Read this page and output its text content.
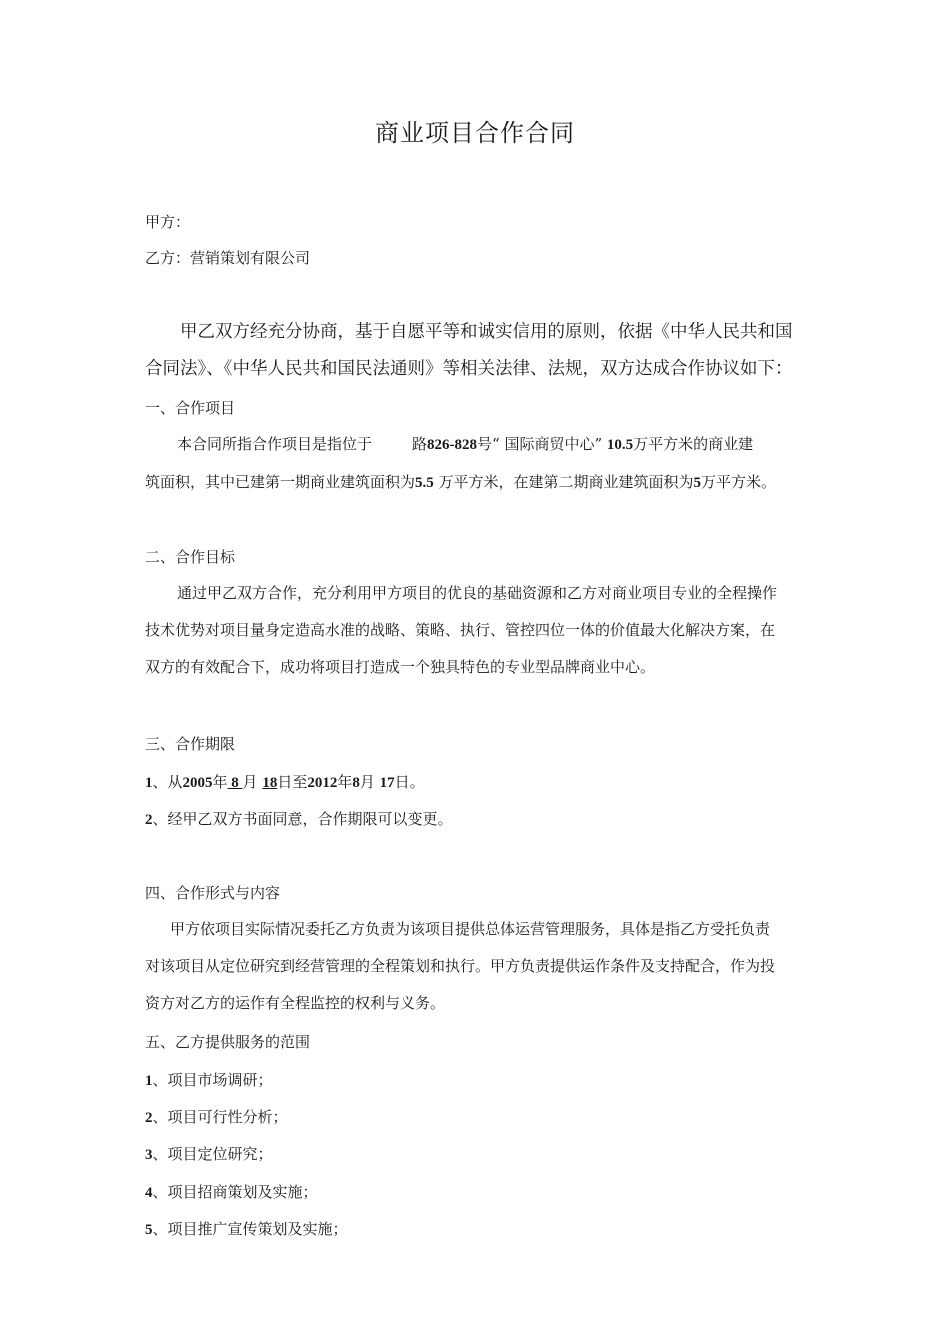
商业项目合作合同
甲方：
乙方：营销策划有限公司
甲乙双方经充分协商，基于自愿平等和诚实信用的原则，依据《中华人民共和国
合同法》、《中华人民共和国民法通则》等相关法律、法规，双方达成合作协议如下：
一、合作项目
本合同所指合作项目是指位于	路826-828号“ 国际商贸中心” 10.5万平方米的商业建
筑面积，其中已建第一期商业建筑面积为5.5 万平方米，在建第二期商业建筑面积为5万平方米。
二、合作目标
通过甲乙双方合作，充分利用甲方项目的优良的基础资源和乙方对商业项目专业的全程操作
技术优势对项目量身定造高水准的战略、策略、执行、管控四位一体的价值最大化解决方案，在
双方的有效配合下，成功将项目打造成一个独具特色的专业型品牌商业中心。
三、合作期限
1、从2005年 8 月 18日至2012年8月 17日。
2、经甲乙双方书面同意，合作期限可以变更。
四、合作形式与内容
甲方依项目实际情况委托乙方负责为该项目提供总体运营管理服务，具体是指乙方受托负责
对该项目从定位研究到经营管理的全程策划和执行。甲方负责提供运作条件及支持配合，作为投
资方对乙方的运作有全程监控的权利与义务。
五、乙方提供服务的范围
1、项目市场调研；
2、项目可行性分析；
3、项目定位研究；
4、项目招商策划及实施；
5、项目推广宣传策划及实施；
